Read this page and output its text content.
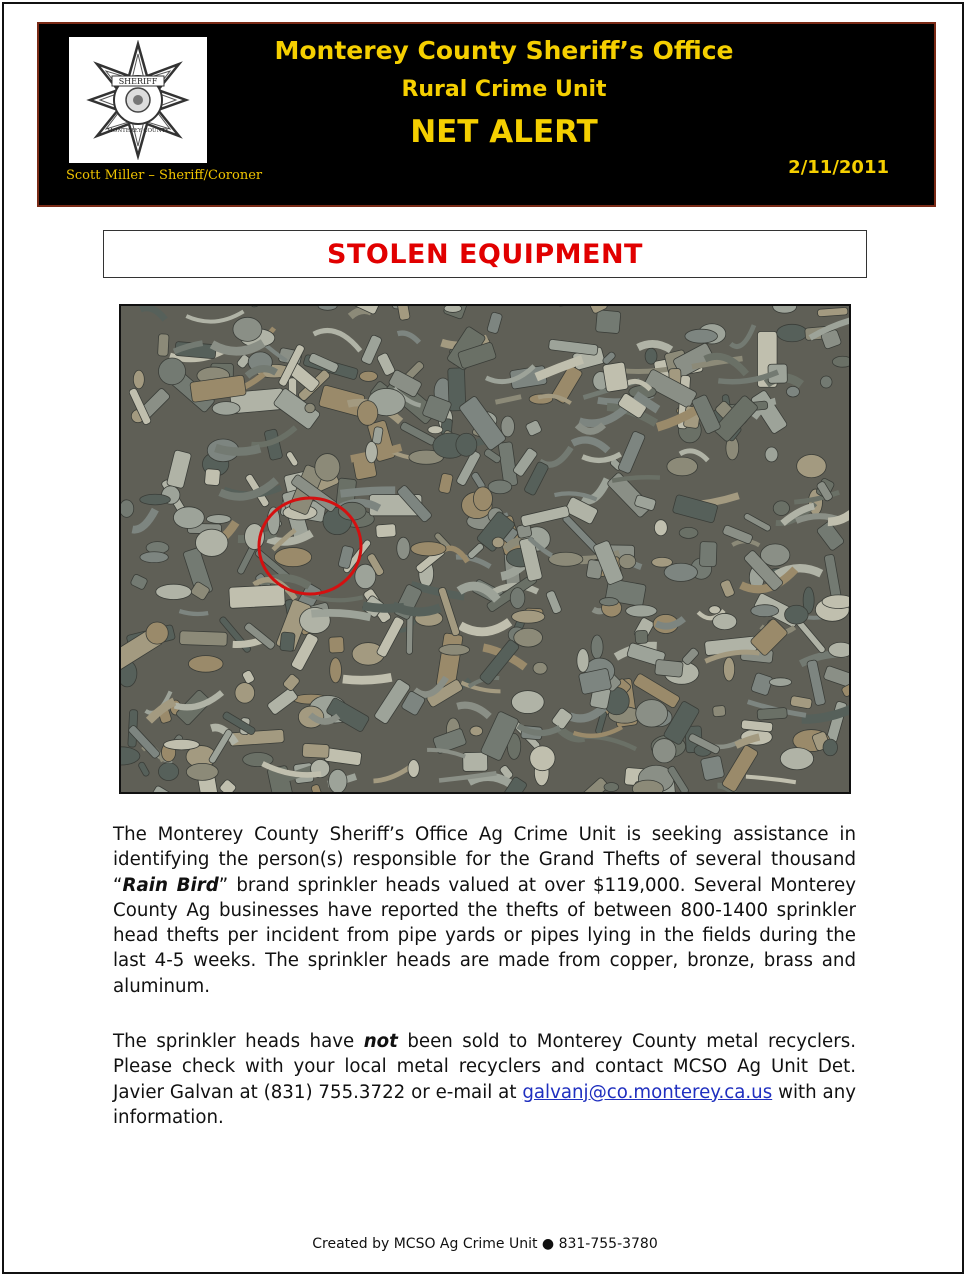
SHERIFF
MONTEREY COUNTY
Scott Miller – Sheriff/Coroner
Monterey County Sheriff’s Office
Rural Crime Unit
NET ALERT
2/11/2011
STOLEN EQUIPMENT
The Monterey County Sheriff’s Office Ag Crime Unit is seeking assistance in identifying the person(s) responsible for the Grand Thefts of several thousand “Rain Bird” brand sprinkler heads valued at over $119,000. Several Monterey County Ag businesses have reported the thefts of between 800-1400 sprinkler head thefts per incident from pipe yards or pipes lying in the fields during the last 4-5 weeks. The sprinkler heads are made from copper, bronze, brass and aluminum.
The sprinkler heads have not been sold to Monterey County metal recyclers. Please check with your local metal recyclers and contact MCSO Ag Unit Det. Javier Galvan at (831) 755.3722 or e-mail at galvanj@co.monterey.ca.us with any information.
Created by MCSO Ag Crime Unit ● 831-755-3780
